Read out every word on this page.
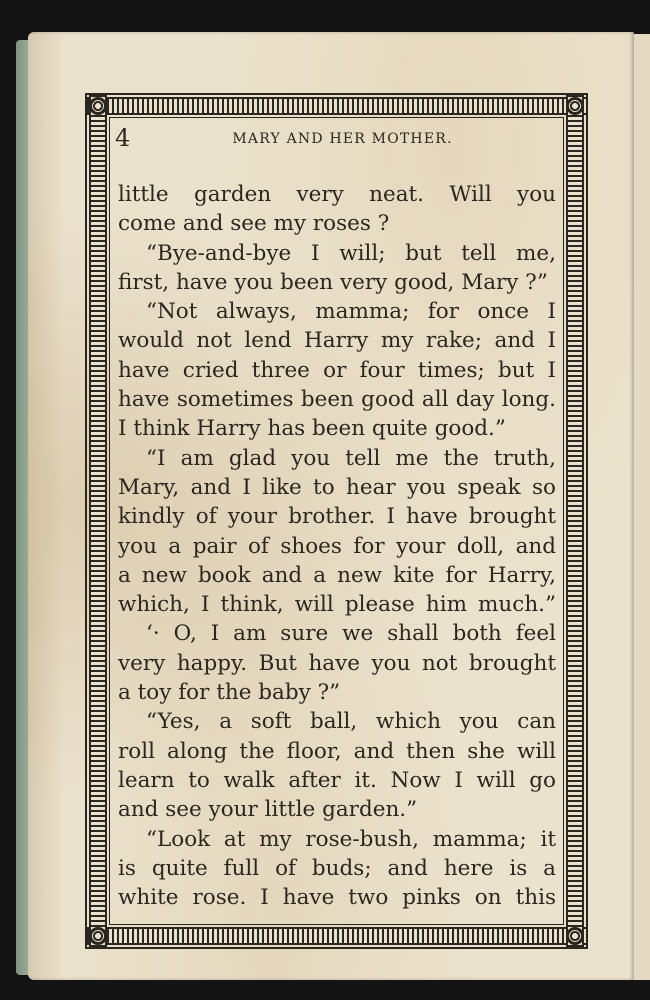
4	MARY AND HER MOTHER.
little garden very neat. Will you
come and see my roses ?
“Bye-and-bye I will; but tell me,
first, have you been very good, Mary ?”
“Not always, mamma; for once I
would not lend Harry my rake; and I
have cried three or four times; but I
have sometimes been good all day long.
I think Harry has been quite good.”
“I am glad you tell me the truth,
Mary, and I like to hear you speak so
kindly of your brother. I have brought
you a pair of shoes for your doll, and
a new book and a new kite for Harry,
which, I think, will please him much.”
‘· O, I am sure we shall both feel
very happy. But have you not brought
a toy for the baby ?”
“Yes, a soft ball, which you can
roll along the floor, and then she will
learn to walk after it. Now I will go
and see your little garden.”
“Look at my rose-bush, mamma; it
is quite full of buds; and here is a
white rose. I have two pinks on this
